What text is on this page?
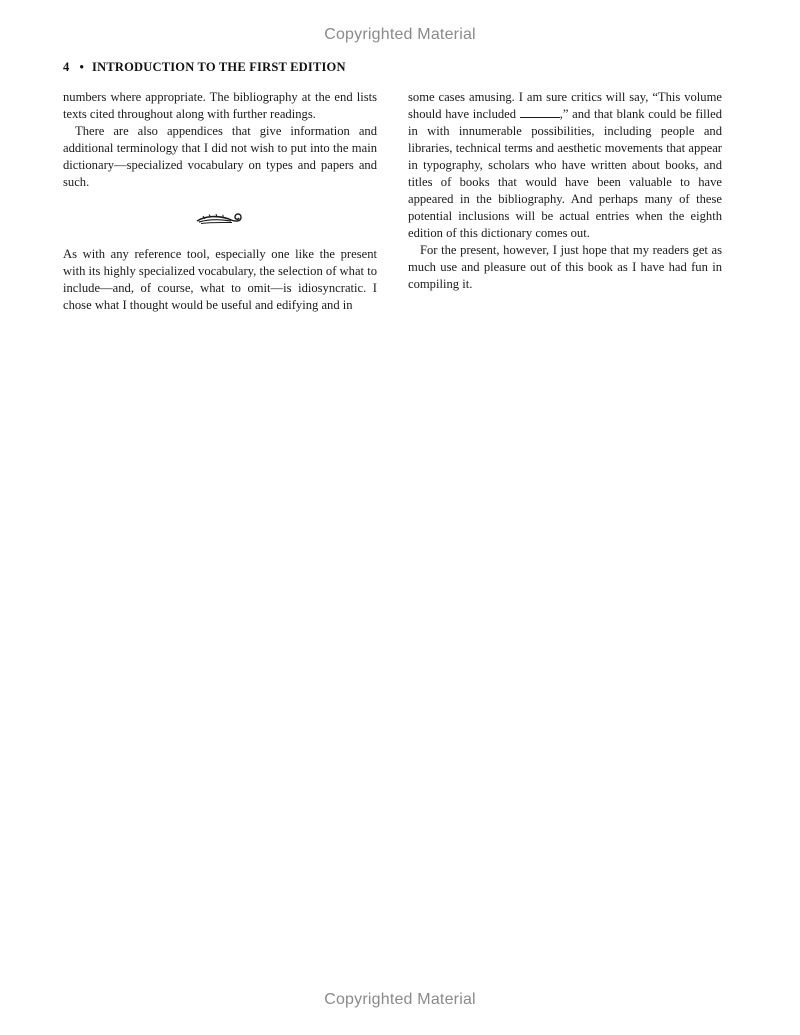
Copyrighted Material
4 • INTRODUCTION TO THE FIRST EDITION

numbers where appropriate. The bibliography at the end lists texts cited throughout along with further readings.

There are also appendices that give information and additional terminology that I did not wish to put into the main dictionary—specialized vocabulary on types and papers and such.

As with any reference tool, especially one like the present with its highly specialized vocabulary, the selection of what to include—and, of course, what to omit—is idiosyncratic. I chose what I thought would be useful and edifying and in

some cases amusing. I am sure critics will say, “This volume should have included	,” and that blank could be filled in with innumerable possibilities, including people and libraries, technical terms and aesthetic movements that appear in typography, scholars who have written about books, and titles of books that would have been valuable to have appeared in the bibliography. And perhaps many of these potential inclusions will be actual entries when the eighth edition of this dictionary comes out.

For the present, however, I just hope that my readers get as much use and pleasure out of this book as I have had fun in compiling it.

Copyrighted Material
